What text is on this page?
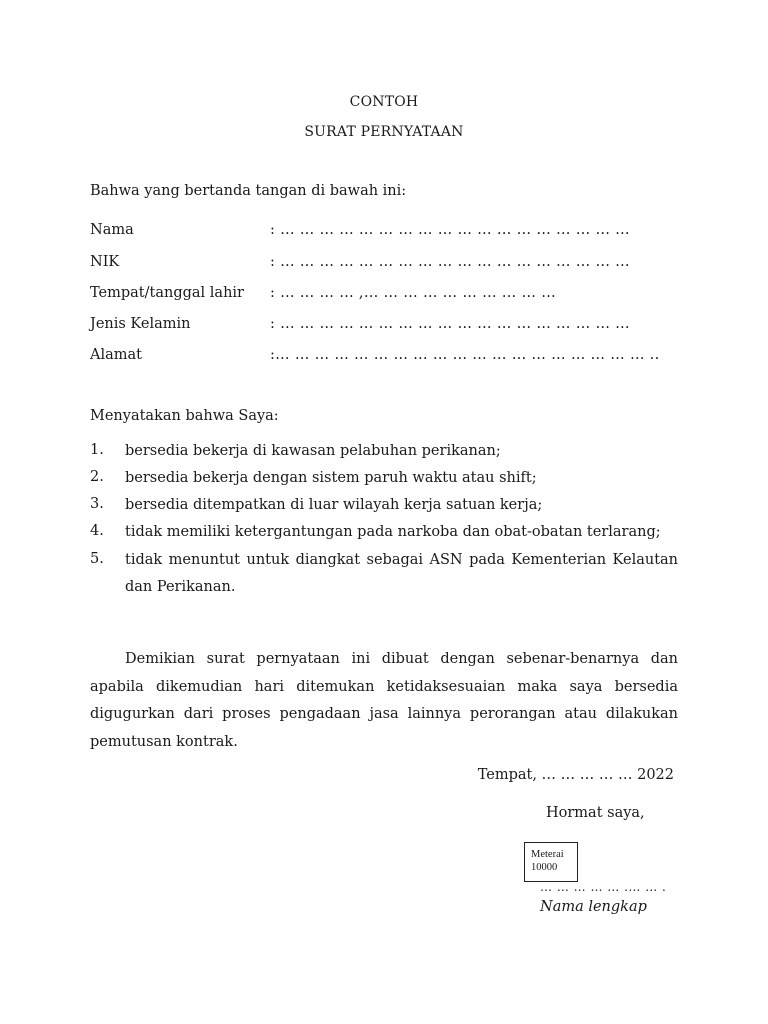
CONTOH
SURAT PERNYATAAN
Bahwa yang bertanda tangan di bawah ini:
Nama	: … … … … … … … … … … … … … … … … … …
NIK	: … … … … … … … … … … … … … … … … … …
Tempat/tanggal lahir : … … … … ,… … … … … … … … … …
Jenis Kelamin	: … … … … … … … … … … … … … … … … … …
Alamat	:… … … … … … … … … … … … … … … … … … … ..
Menyatakan bahwa Saya:
1. bersedia bekerja di kawasan pelabuhan perikanan;
2. bersedia bekerja dengan sistem paruh waktu atau shift;
3. bersedia ditempatkan di luar wilayah kerja satuan kerja;
4. tidak memiliki ketergantungan pada narkoba dan obat-obatan terlarang;
5. tidak menuntut untuk diangkat sebagai ASN pada Kementerian Kelautan dan Perikanan.
Demikian surat pernyataan ini dibuat dengan sebenar-benarnya dan apabila dikemudian hari ditemukan ketidaksesuaian maka saya bersedia digugurkan dari proses pengadaan jasa lainnya perorangan atau dilakukan pemutusan kontrak.
Tempat, … … … … … 2022
Hormat saya,
Meterai
10000
… … … … … .… … .
Nama lengkap
